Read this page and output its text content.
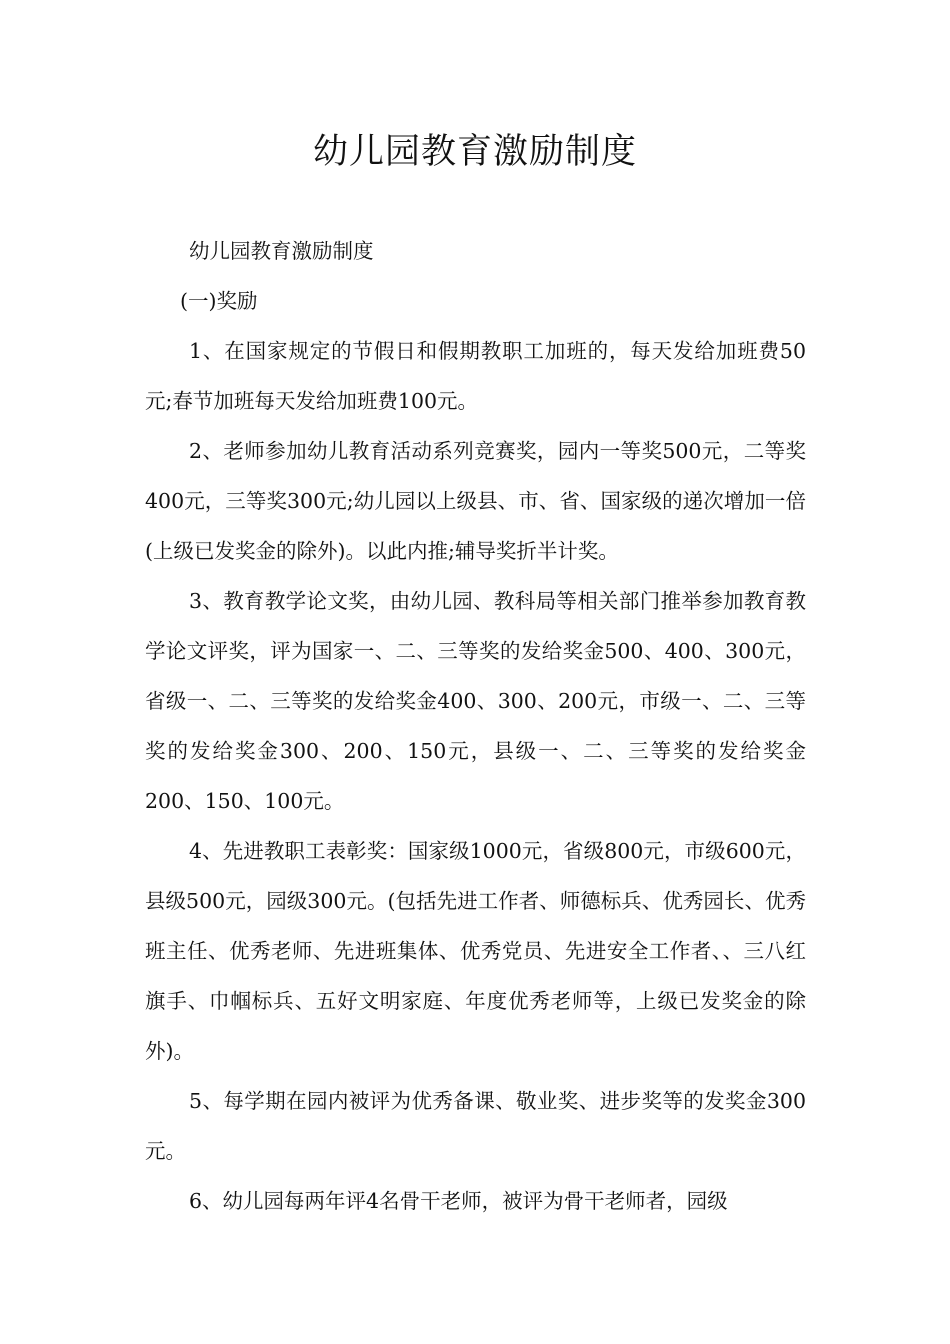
幼儿园教育激励制度

幼儿园教育激励制度

(一)奖励

1、在国家规定的节假日和假期教职工加班的，每天发给加班费50元;春节加班每天发给加班费100元。

2、老师参加幼儿教育活动系列竞赛奖，园内一等奖500元，二等奖400元，三等奖300元;幼儿园以上级县、市、省、国家级的递次增加一倍(上级已发奖金的除外)。以此内推;辅导奖折半计奖。

3、教育教学论文奖，由幼儿园、教科局等相关部门推举参加教育教学论文评奖，评为国家一、二、三等奖的发给奖金500、400、300元，省级一、二、三等奖的发给奖金400、300、200元，市级一、二、三等奖的发给奖金300、200、150元，县级一、二、三等奖的发给奖金200、150、100元。

4、先进教职工表彰奖：国家级1000元，省级800元，市级600元，县级500元，园级300元。(包括先进工作者、师德标兵、优秀园长、优秀班主任、优秀老师、先进班集体、优秀党员、先进安全工作者、、三八红旗手、巾帼标兵、五好文明家庭、年度优秀老师等，上级已发奖金的除外)。

5、每学期在园内被评为优秀备课、敬业奖、进步奖等的发奖金300元。

6、幼儿园每两年评4名骨干老师，被评为骨干老师者，园级
